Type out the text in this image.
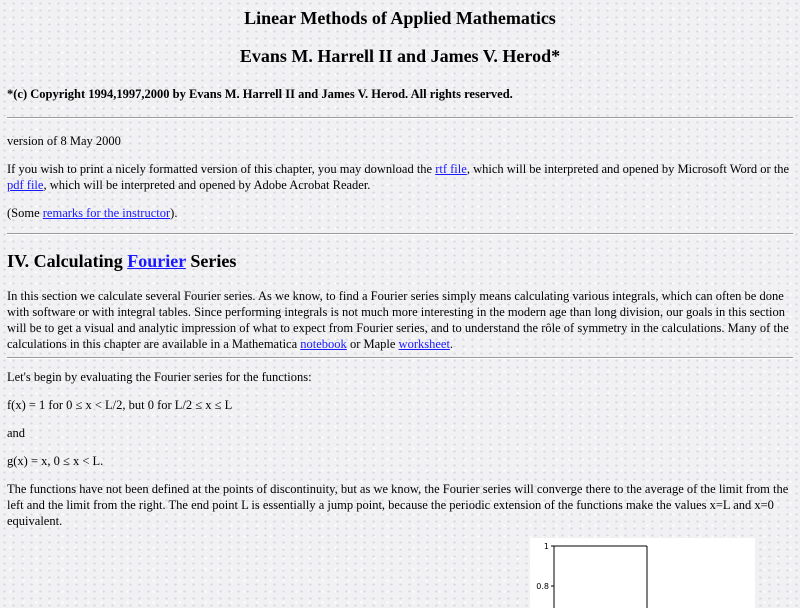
Linear Methods of Applied Mathematics
Evans M. Harrell II and James V. Herod*

*(c) Copyright 1994,1997,2000 by Evans M. Harrell II and James V. Herod. All rights reserved.

version of 8 May 2000

If you wish to print a nicely formatted version of this chapter, you may download the rtf file, which will be interpreted and opened by Microsoft Word or the pdf file, which will be interpreted and opened by Adobe Acrobat Reader.

(Some remarks for the instructor).

IV. Calculating Fourier Series

In this section we calculate several Fourier series. As we know, to find a Fourier series simply means calculating various integrals, which can often be done with software or with integral tables. Since performing integrals is not much more interesting in the modern age than long division, our goals in this section will be to get a visual and analytic impression of what to expect from Fourier series, and to understand the rôle of symmetry in the calculations. Many of the calculations in this chapter are available in a Mathematica notebook or Maple worksheet.

Let's begin by evaluating the Fourier series for the functions:

f(x) = 1 for 0 ≤ x < L/2, but 0 for L/2 ≤ x ≤ L

and

g(x) = x, 0 ≤ x < L.

The functions have not been defined at the points of discontinuity, but as we know, the Fourier series will converge there to the average of the limit from the left and the limit from the right. The end point L is essentially a jump point, because the periodic extension of the functions make the values x=L and x=0 equivalent.

1
0.8
